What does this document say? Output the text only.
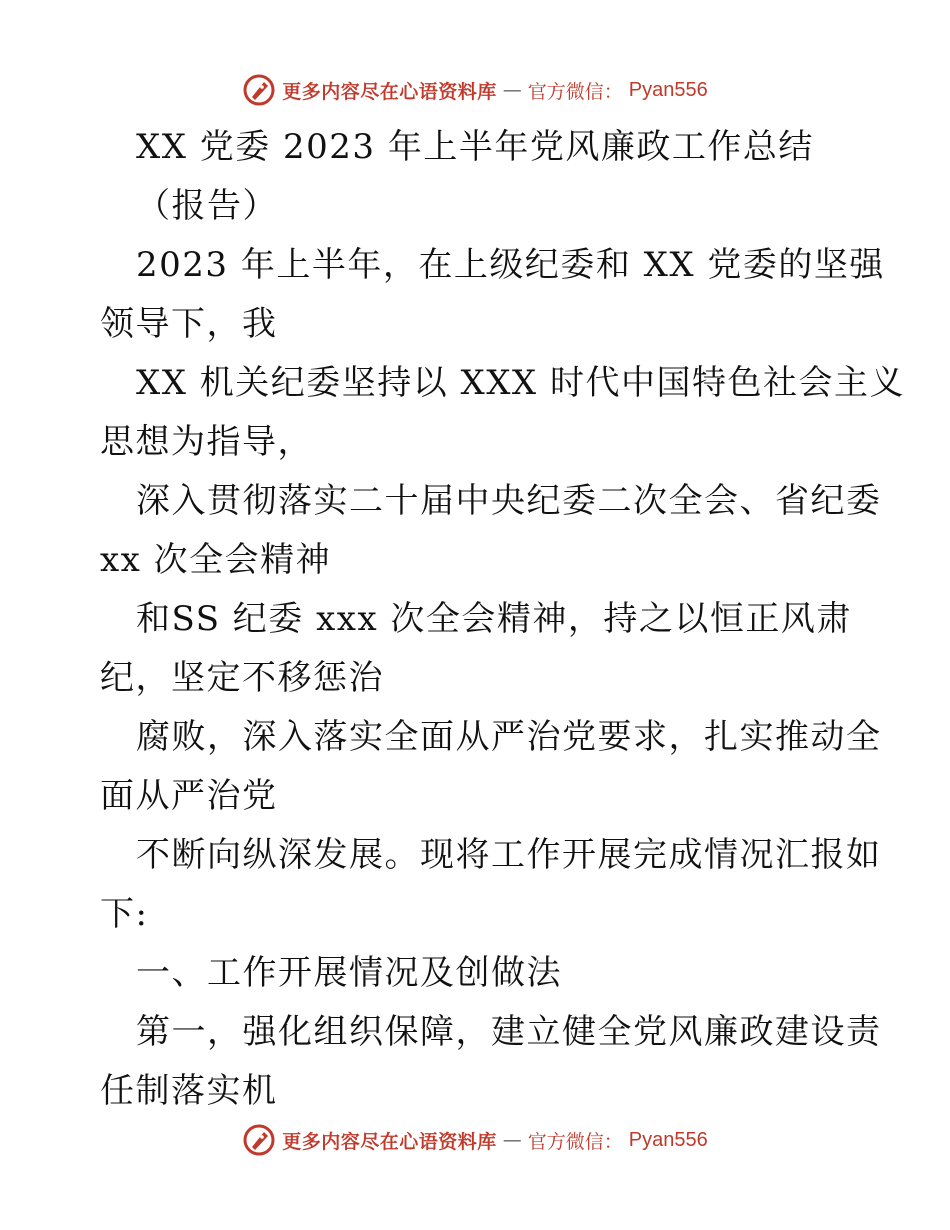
更多内容尽在心语资料库 — 官方微信： Pyan556
XX 党委 2023 年上半年党风廉政工作总结
（报告）
2023 年上半年，在上级纪委和 XX 党委的坚强
领导下，我
XX 机关纪委坚持以 XXX 时代中国特色社会主义
思想为指导，
深入贯彻落实二十届中央纪委二次全会、省纪委
xx 次全会精神
和SS 纪委 xxx 次全会精神，持之以恒正风肃
纪，坚定不移惩治
腐败，深入落实全面从严治党要求，扎实推动全
面从严治党
不断向纵深发展。现将工作开展完成情况汇报如
下:
一、工作开展情况及创做法
第一，强化组织保障，建立健全党风廉政建设责
任制落实机
更多内容尽在心语资料库 — 官方微信： Pyan556
